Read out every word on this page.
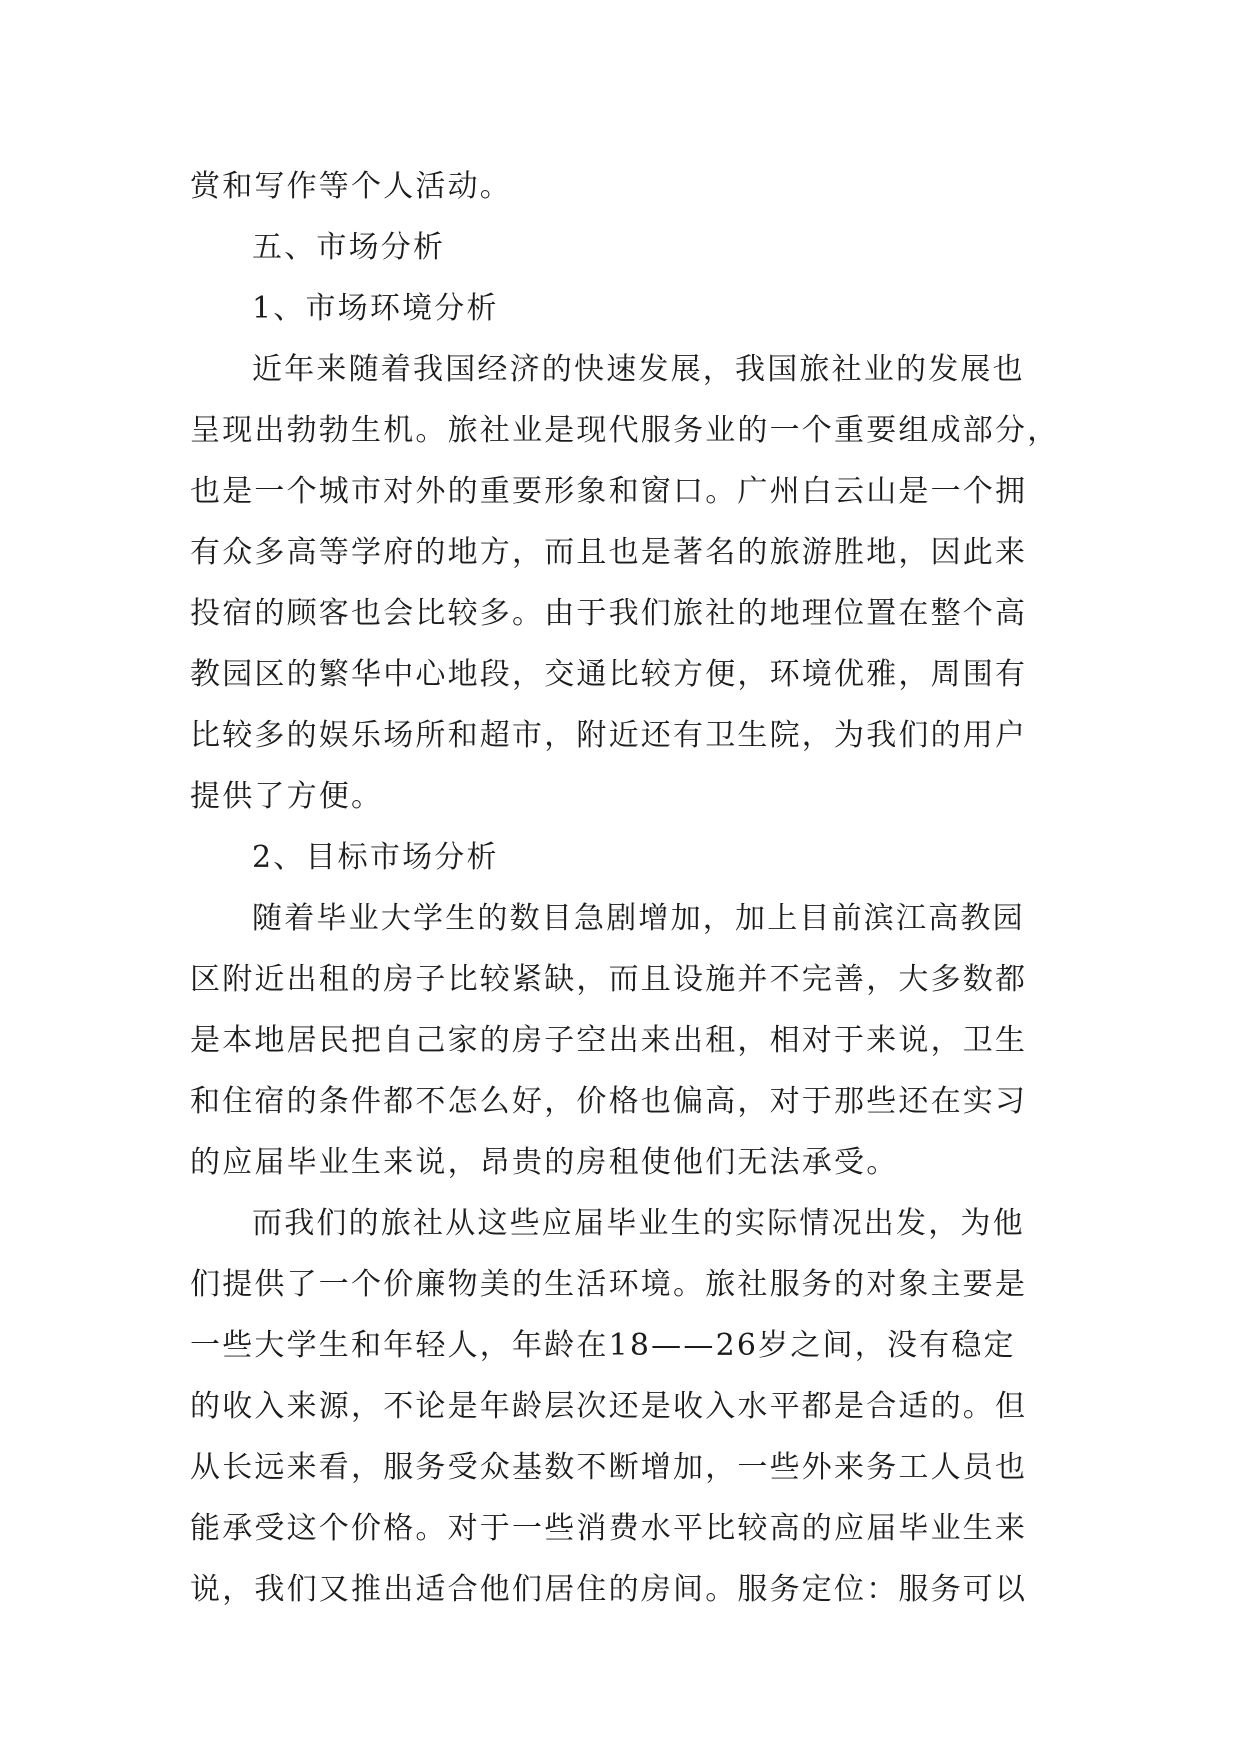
赏和写作等个人活动。
五、市场分析
1、市场环境分析
近年来随着我国经济的快速发展，我国旅社业的发展也
呈现出勃勃生机。旅社业是现代服务业的一个重要组成部分，
也是一个城市对外的重要形象和窗口。广州白云山是一个拥
有众多高等学府的地方，而且也是著名的旅游胜地，因此来
投宿的顾客也会比较多。由于我们旅社的地理位置在整个高
教园区的繁华中心地段，交通比较方便，环境优雅，周围有
比较多的娱乐场所和超市，附近还有卫生院，为我们的用户
提供了方便。
2、目标市场分析
随着毕业大学生的数目急剧增加，加上目前滨江高教园
区附近出租的房子比较紧缺，而且设施并不完善，大多数都
是本地居民把自己家的房子空出来出租，相对于来说，卫生
和住宿的条件都不怎么好，价格也偏高，对于那些还在实习
的应届毕业生来说，昂贵的房租使他们无法承受。
而我们的旅社从这些应届毕业生的实际情况出发，为他
们提供了一个价廉物美的生活环境。旅社服务的对象主要是
一些大学生和年轻人，年龄在18——26岁之间，没有稳定
的收入来源，不论是年龄层次还是收入水平都是合适的。但
从长远来看，服务受众基数不断增加，一些外来务工人员也
能承受这个价格。对于一些消费水平比较高的应届毕业生来
说，我们又推出适合他们居住的房间。服务定位：服务可以
